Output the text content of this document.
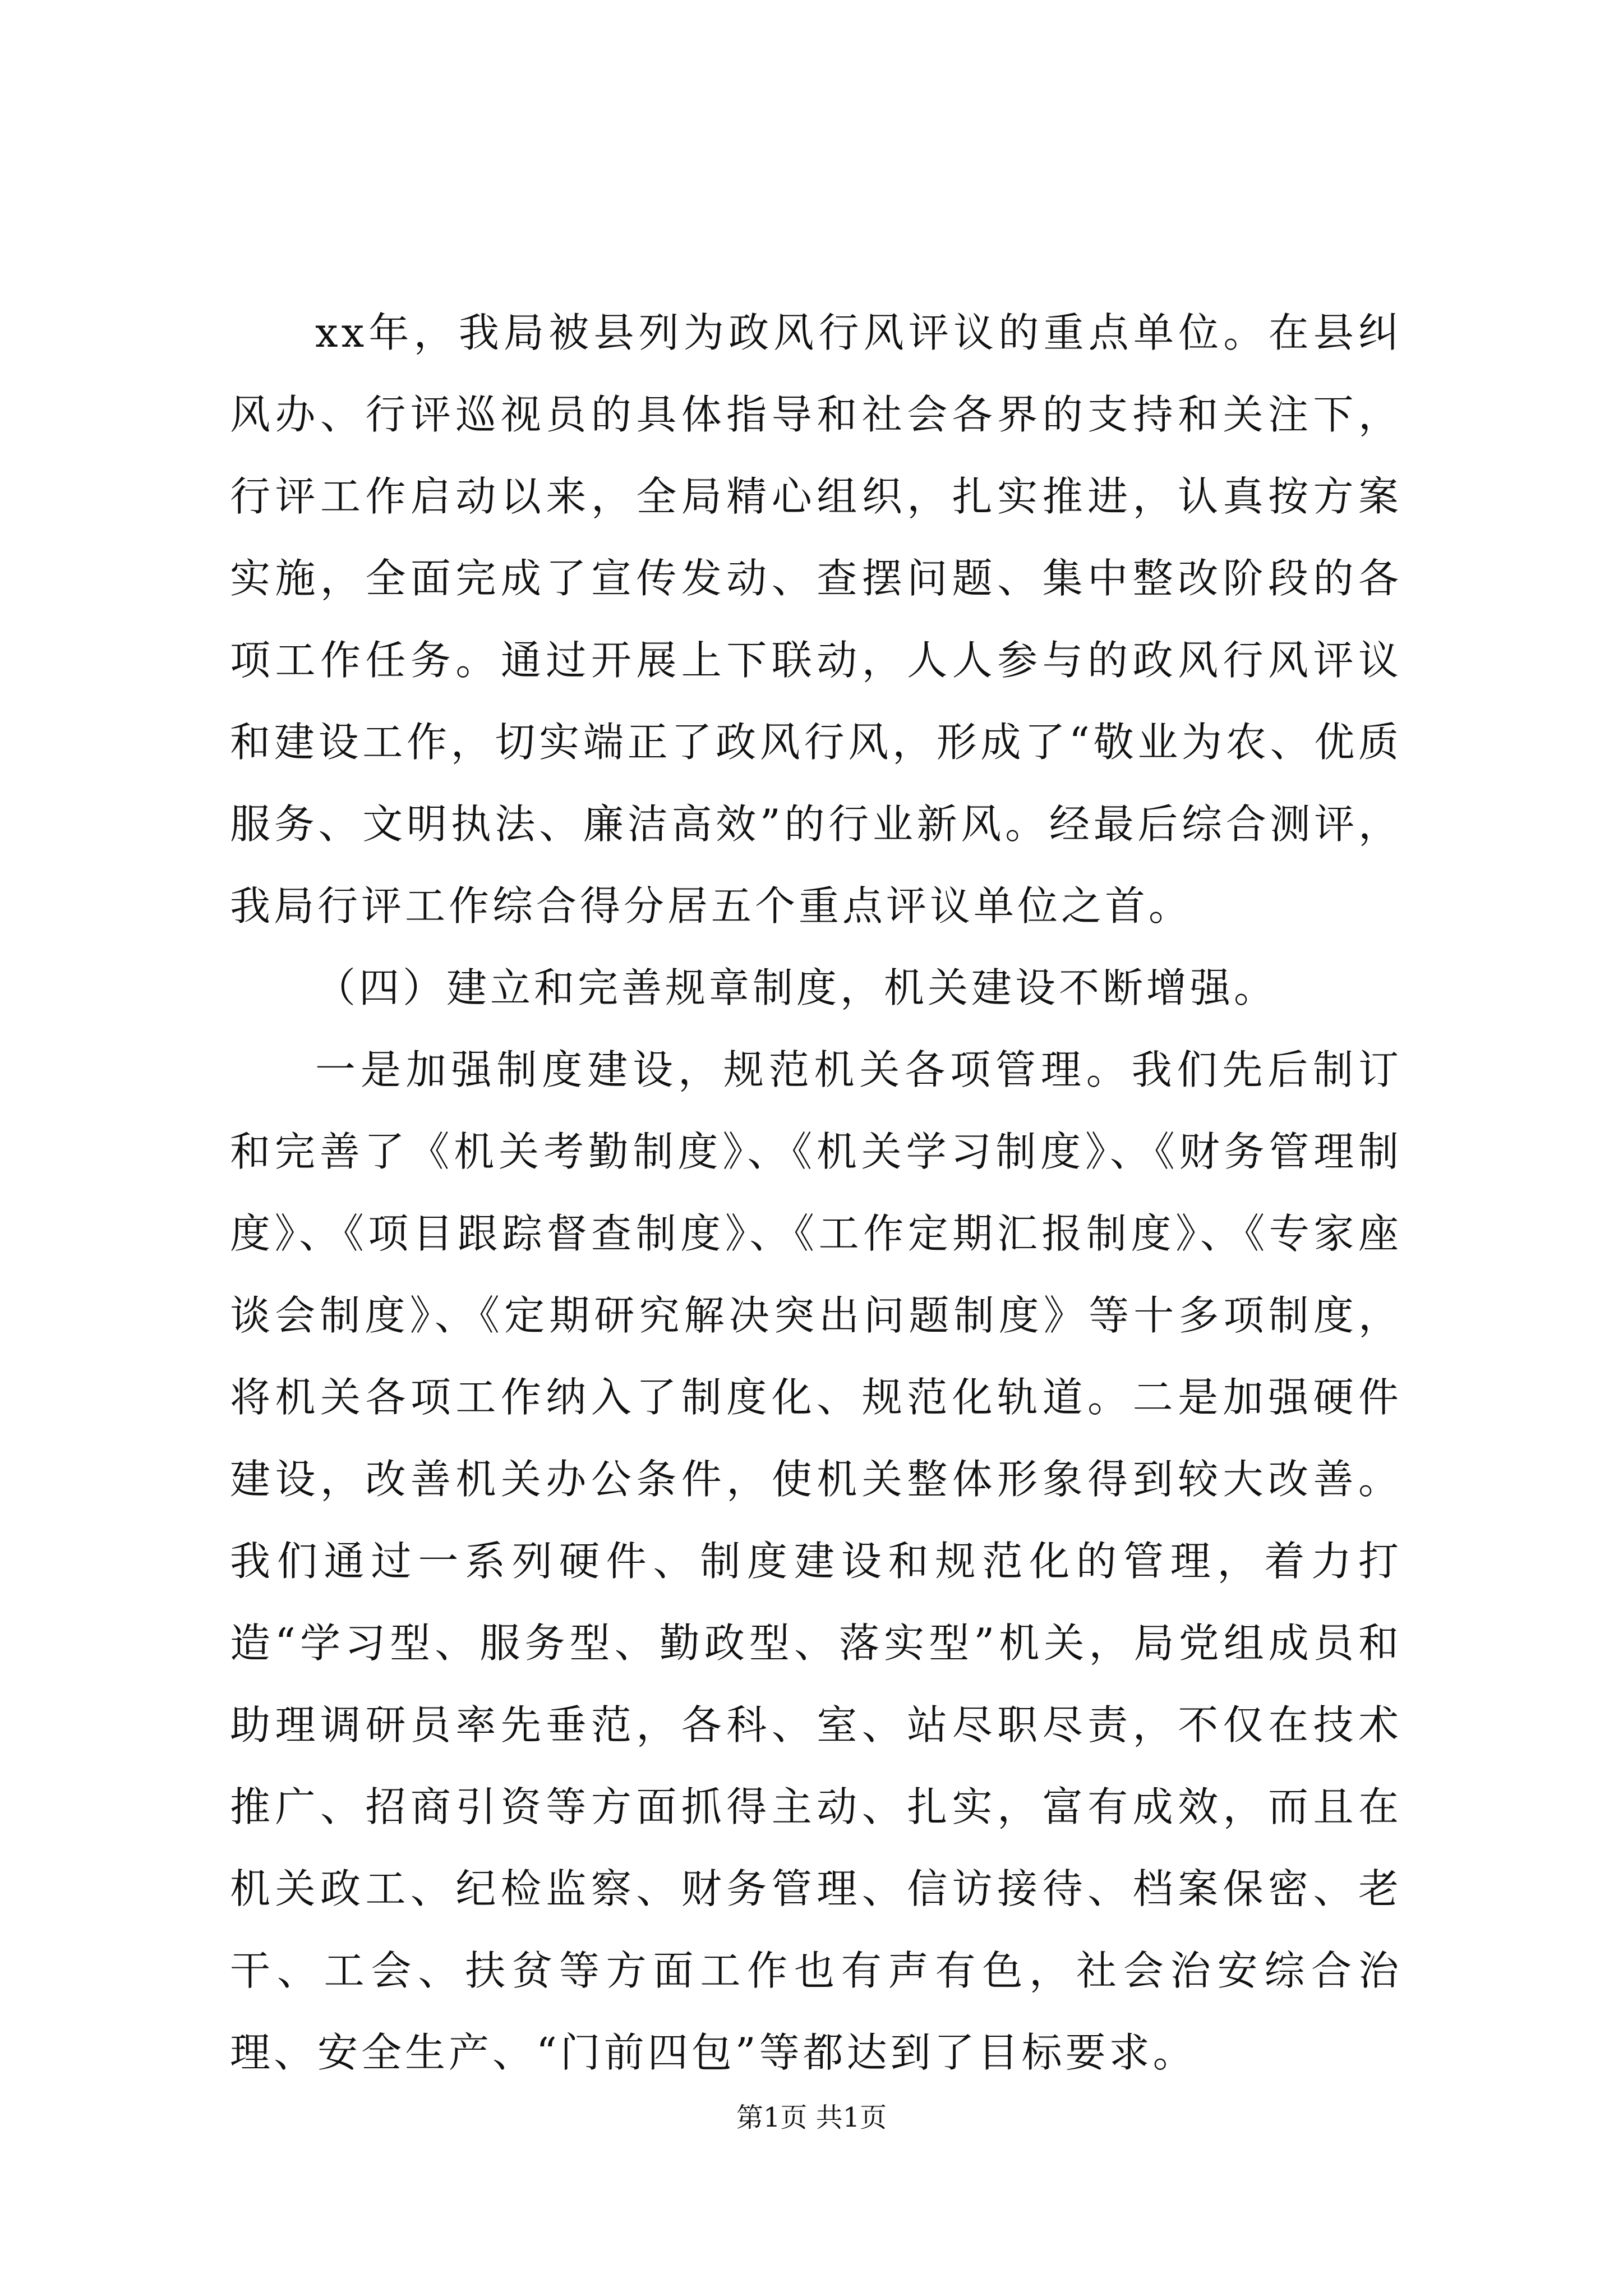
xx年，我局被县列为政风行风评议的重点单位。在县纠风办、行评巡视员的具体指导和社会各界的支持和关注下，行评工作启动以来，全局精心组织，扎实推进，认真按方案实施，全面完成了宣传发动、查摆问题、集中整改阶段的各项工作任务。通过开展上下联动，人人参与的政风行风评议和建设工作，切实端正了政风行风，形成了“敬业为农、优质服务、文明执法、廉洁高效”的行业新风。经最后综合测评，我局行评工作综合得分居五个重点评议单位之首。

（四）建立和完善规章制度，机关建设不断增强。

一是加强制度建设，规范机关各项管理。我们先后制订和完善了《机关考勤制度》、《机关学习制度》、《财务管理制度》、《项目跟踪督查制度》、《工作定期汇报制度》、《专家座谈会制度》、《定期研究解决突出问题制度》等十多项制度，将机关各项工作纳入了制度化、规范化轨道。二是加强硬件建设，改善机关办公条件，使机关整体形象得到较大改善。我们通过一系列硬件、制度建设和规范化的管理，着力打造“学习型、服务型、勤政型、落实型”机关，局党组成员和助理调研员率先垂范，各科、室、站尽职尽责，不仅在技术推广、招商引资等方面抓得主动、扎实，富有成效，而且在机关政工、纪检监察、财务管理、信访接待、档案保密、老干、工会、扶贫等方面工作也有声有色，社会治安综合治理、安全生产、“门前四包”等都达到了目标要求。

第1页 共1页
